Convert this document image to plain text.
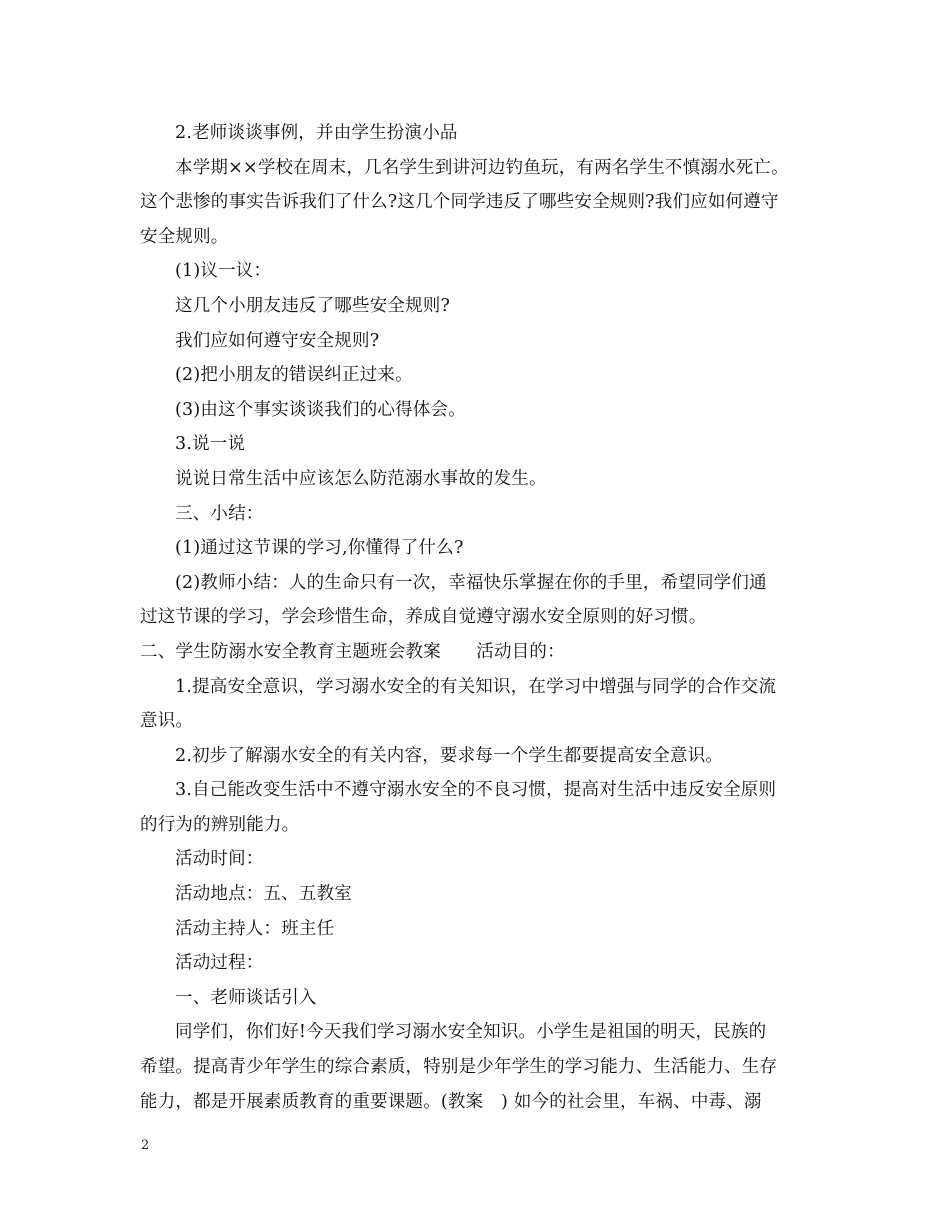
2.老师谈谈事例，并由学生扮演小品

本学期××学校在周末，几名学生到讲河边钓鱼玩，有两名学生不慎溺水死亡。

这个悲惨的事实告诉我们了什么?这几个同学违反了哪些安全规则?我们应如何遵守

安全规则。

(1)议一议：

这几个小朋友违反了哪些安全规则?

我们应如何遵守安全规则?

(2)把小朋友的错误纠正过来。

(3)由这个事实谈谈我们的心得体会。

3.说一说

说说日常生活中应该怎么防范溺水事故的发生。

三、小结：

(1)通过这节课的学习,你懂得了什么?

(2)教师小结：人的生命只有一次，幸福快乐掌握在你的手里，希望同学们通

过这节课的学习，学会珍惜生命，养成自觉遵守溺水安全原则的好习惯。

二、学生防溺水安全教育主题班会教案　　活动目的：

1.提高安全意识，学习溺水安全的有关知识，在学习中增强与同学的合作交流

意识。

2.初步了解溺水安全的有关内容，要求每一个学生都要提高安全意识。

3.自己能改变生活中不遵守溺水安全的不良习惯，提高对生活中违反安全原则

的行为的辨别能力。

活动时间：

活动地点：五、五教室

活动主持人：班主任

活动过程：

一、老师谈话引入

同学们，你们好!今天我们学习溺水安全知识。小学生是祖国的明天，民族的

希望。提高青少年学生的综合素质，特别是少年学生的学习能力、生活能力、生存

能力，都是开展素质教育的重要课题。(教案　) 如今的社会里，车祸、中毒、溺

2
